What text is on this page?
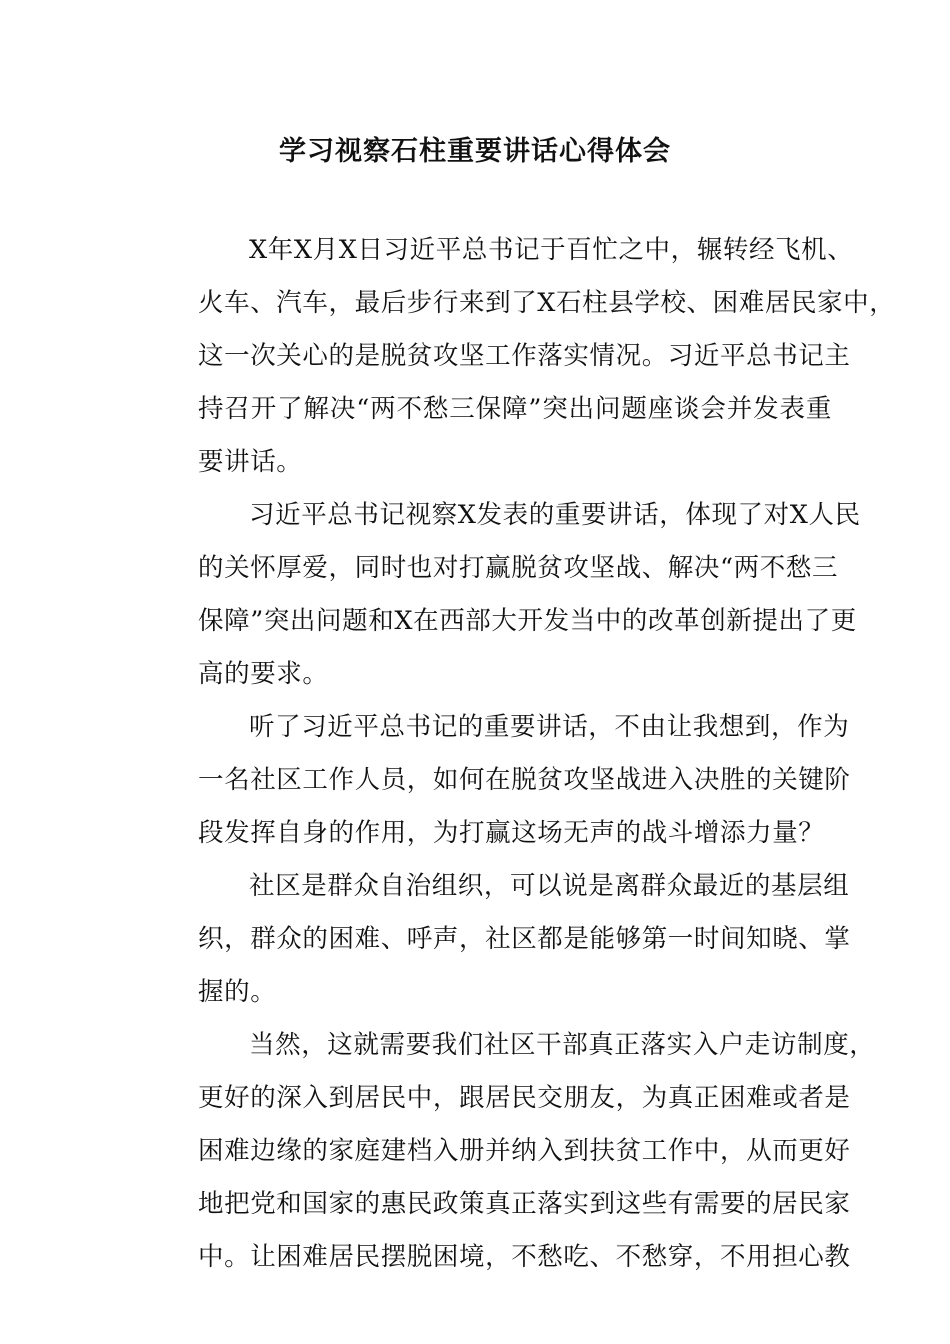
学习视察石柱重要讲话心得体会
X年X月X日习近平总书记于百忙之中，辗转经飞机、
火车、汽车，最后步行来到了X石柱县学校、困难居民家中，
这一次关心的是脱贫攻坚工作落实情况。习近平总书记主
持召开了解决“两不愁三保障”突出问题座谈会并发表重
要讲话。
习近平总书记视察X发表的重要讲话，体现了对X人民
的关怀厚爱，同时也对打赢脱贫攻坚战、解决“两不愁三
保障”突出问题和X在西部大开发当中的改革创新提出了更
高的要求。
听了习近平总书记的重要讲话，不由让我想到，作为
一名社区工作人员，如何在脱贫攻坚战进入决胜的关键阶
段发挥自身的作用，为打赢这场无声的战斗增添力量？
社区是群众自治组织，可以说是离群众最近的基层组
织，群众的困难、呼声，社区都是能够第一时间知晓、掌
握的。
当然，这就需要我们社区干部真正落实入户走访制度，
更好的深入到居民中，跟居民交朋友，为真正困难或者是
困难边缘的家庭建档入册并纳入到扶贫工作中，从而更好
地把党和国家的惠民政策真正落实到这些有需要的居民家
中。让困难居民摆脱困境，不愁吃、不愁穿，不用担心教
